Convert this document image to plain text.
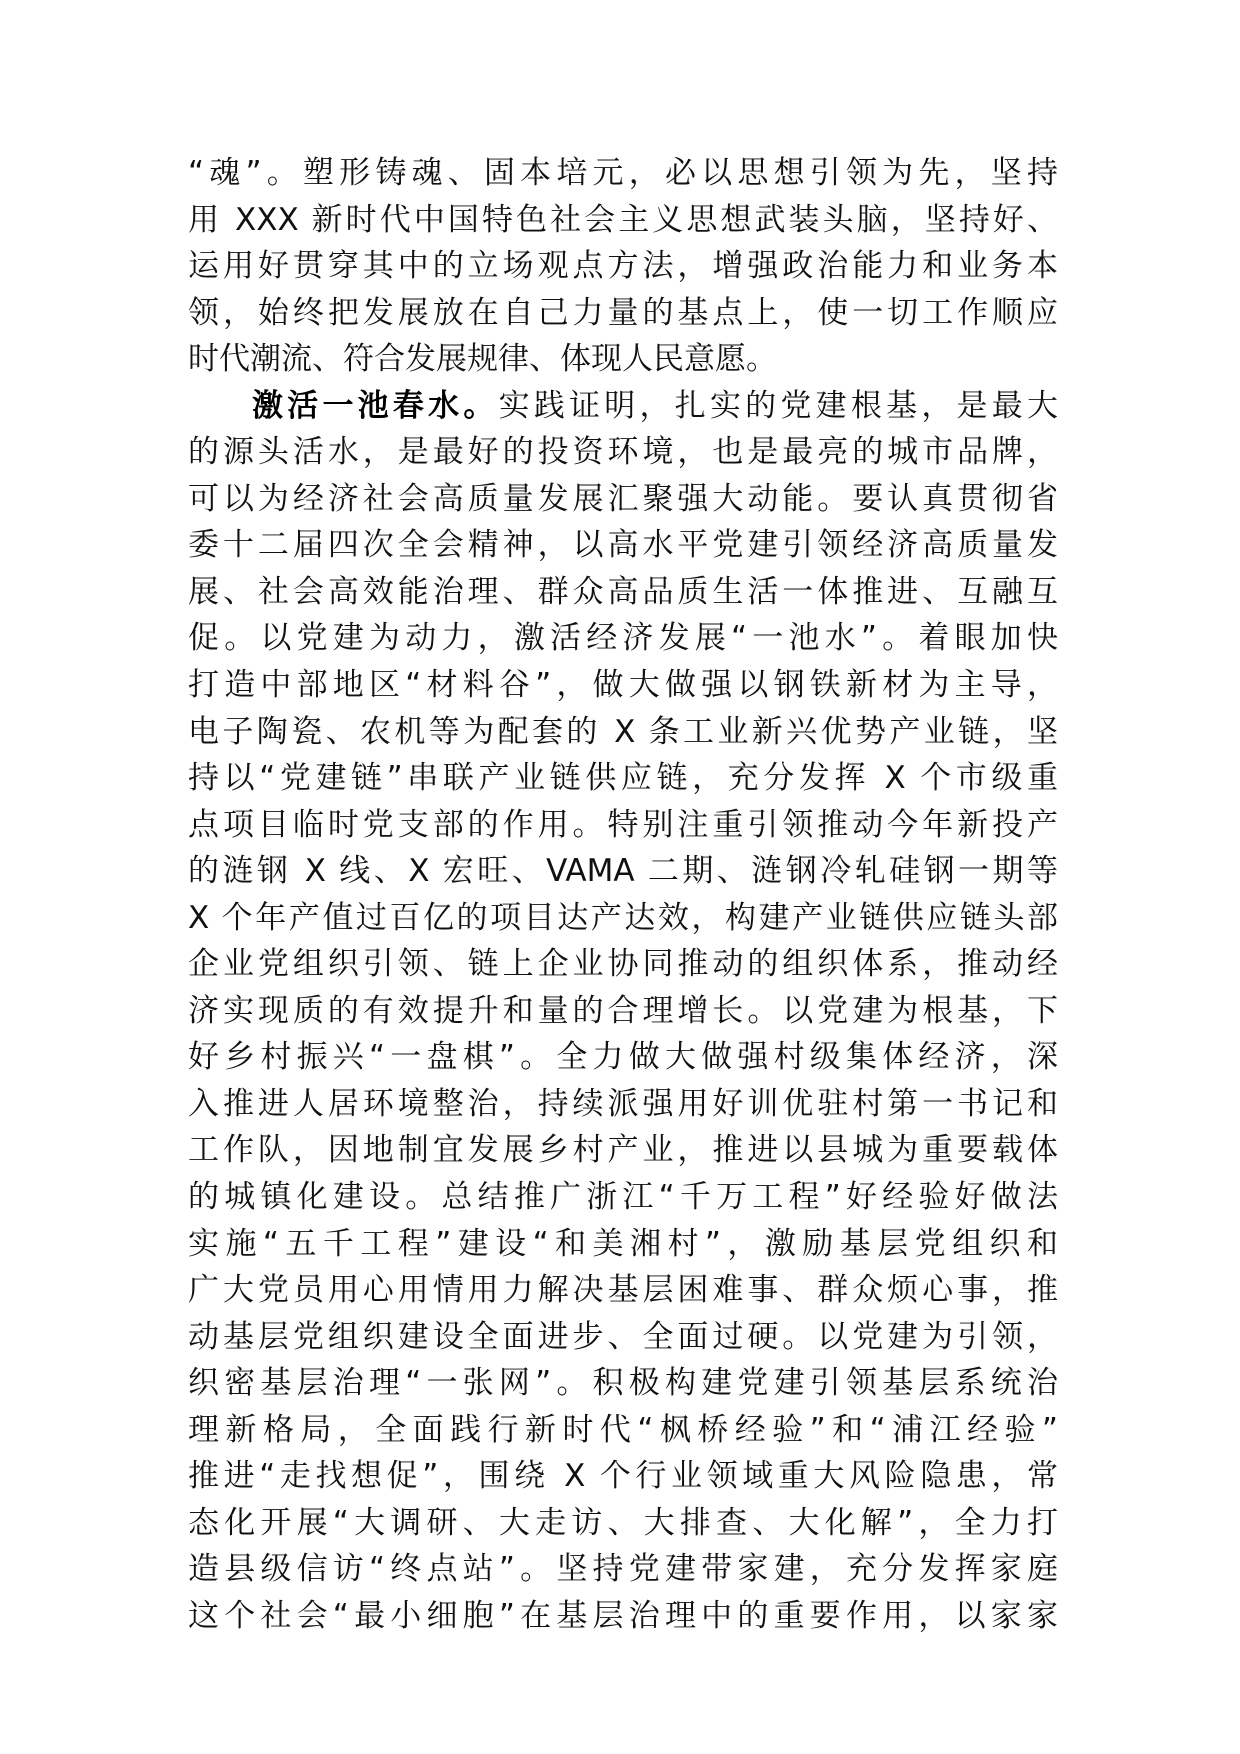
“魂”。塑形铸魂、固本培元，必以思想引领为先，坚持
用 XXX 新时代中国特色社会主义思想武装头脑，坚持好、
运用好贯穿其中的立场观点方法，增强政治能力和业务本
领，始终把发展放在自己力量的基点上，使一切工作顺应
时代潮流、符合发展规律、体现人民意愿。
激活一池春水。实践证明，扎实的党建根基，是最大
的源头活水，是最好的投资环境，也是最亮的城市品牌，
可以为经济社会高质量发展汇聚强大动能。要认真贯彻省
委十二届四次全会精神，以高水平党建引领经济高质量发
展、社会高效能治理、群众高品质生活一体推进、互融互
促。以党建为动力，激活经济发展“一池水”。着眼加快
打造中部地区“材料谷”，做大做强以钢铁新材为主导，
电子陶瓷、农机等为配套的 X 条工业新兴优势产业链，坚
持以“党建链”串联产业链供应链，充分发挥 X 个市级重
点项目临时党支部的作用。特别注重引领推动今年新投产
的涟钢 X 线、X 宏旺、VAMA 二期、涟钢冷轧硅钢一期等
X 个年产值过百亿的项目达产达效，构建产业链供应链头部
企业党组织引领、链上企业协同推动的组织体系，推动经
济实现质的有效提升和量的合理增长。以党建为根基，下
好乡村振兴“一盘棋”。全力做大做强村级集体经济，深
入推进人居环境整治，持续派强用好训优驻村第一书记和
工作队，因地制宜发展乡村产业，推进以县城为重要载体
的城镇化建设。总结推广浙江“千万工程”好经验好做法
实施“五千工程”建设“和美湘村”，激励基层党组织和
广大党员用心用情用力解决基层困难事、群众烦心事，推
动基层党组织建设全面进步、全面过硬。以党建为引领，
织密基层治理“一张网”。积极构建党建引领基层系统治
理新格局，全面践行新时代“枫桥经验”和“浦江经验”
推进“走找想促”，围绕 X 个行业领域重大风险隐患，常
态化开展“大调研、大走访、大排查、大化解”，全力打
造县级信访“终点站”。坚持党建带家建，充分发挥家庭
这个社会“最小细胞”在基层治理中的重要作用，以家家
